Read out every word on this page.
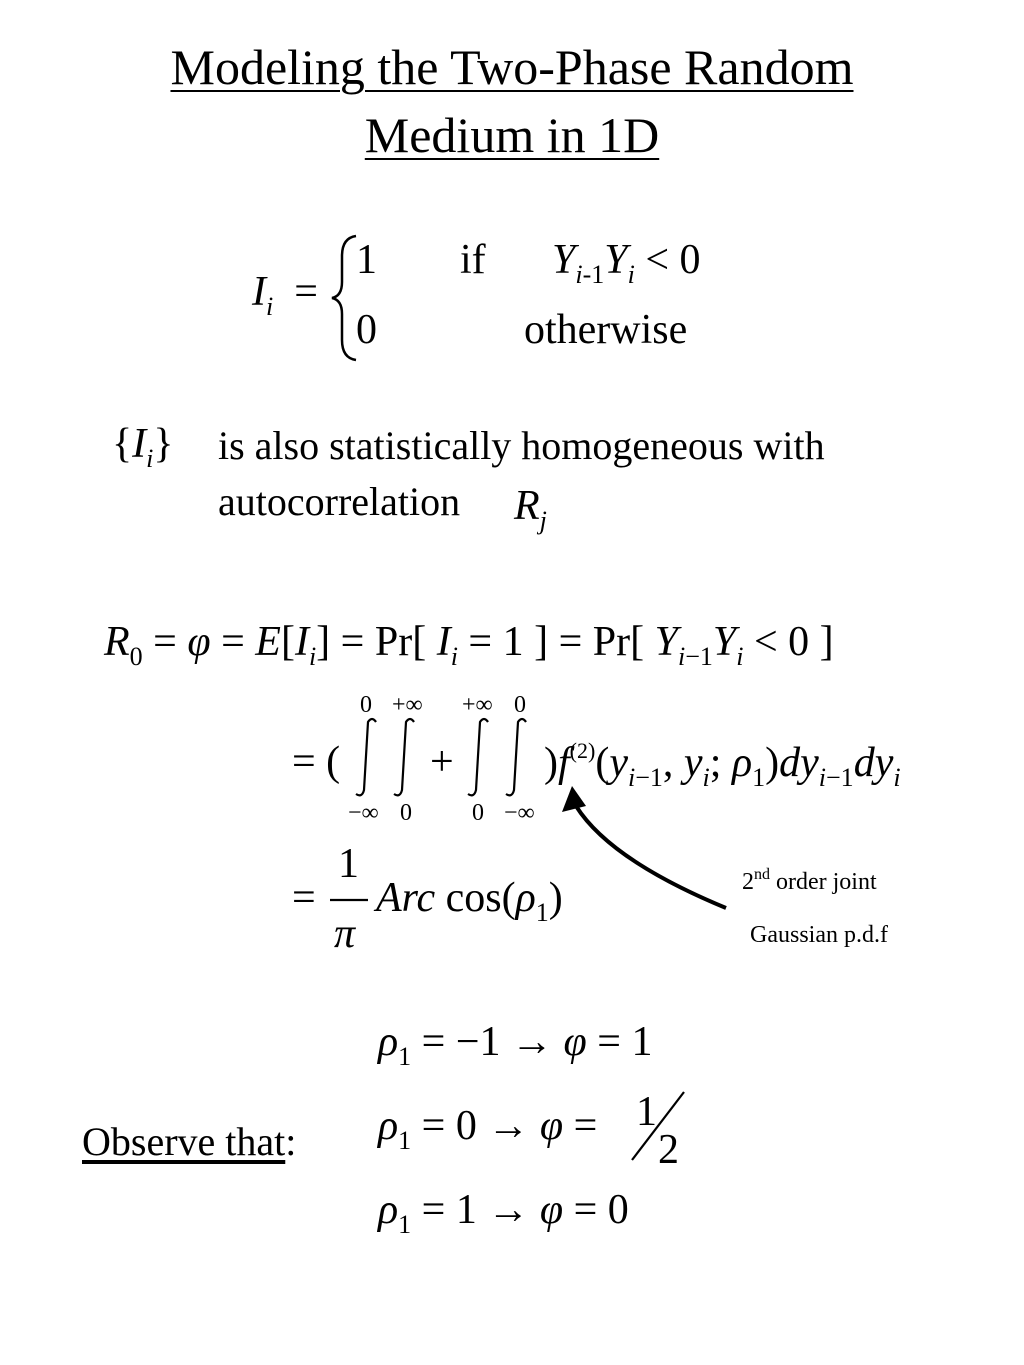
Modeling the Two-Phase Random
Medium in 1D
$I_i$  =
1 if $Y_{i-1}Y_i < 0$
0	otherwise
$\{I_i\}$ is also statistically homogeneous with
autocorrelation $R_j$
$R_0 = \varphi = E[I_i] = Pr$[ $I_i = 1$ ] = Pr[ $Y_{i-1}Y_i < 0$ ]
= (
0 +∞ +∞ 0
−∞ 0	0 −∞
+ )$f^{(2)}(y_{i-1}$, $y_i$; $\rho_1)dy_{i-1}dy_i$
=
1
π
Arc $\cos(\rho_1)$	2nd order joint
Gaussian p.d.f
Observe that:
$\rho_1 = -1 \to \varphi = 1$
$\rho_1 = 0 \to \varphi = 1$
2
$\rho_1 = 1 \to \varphi = 0$
